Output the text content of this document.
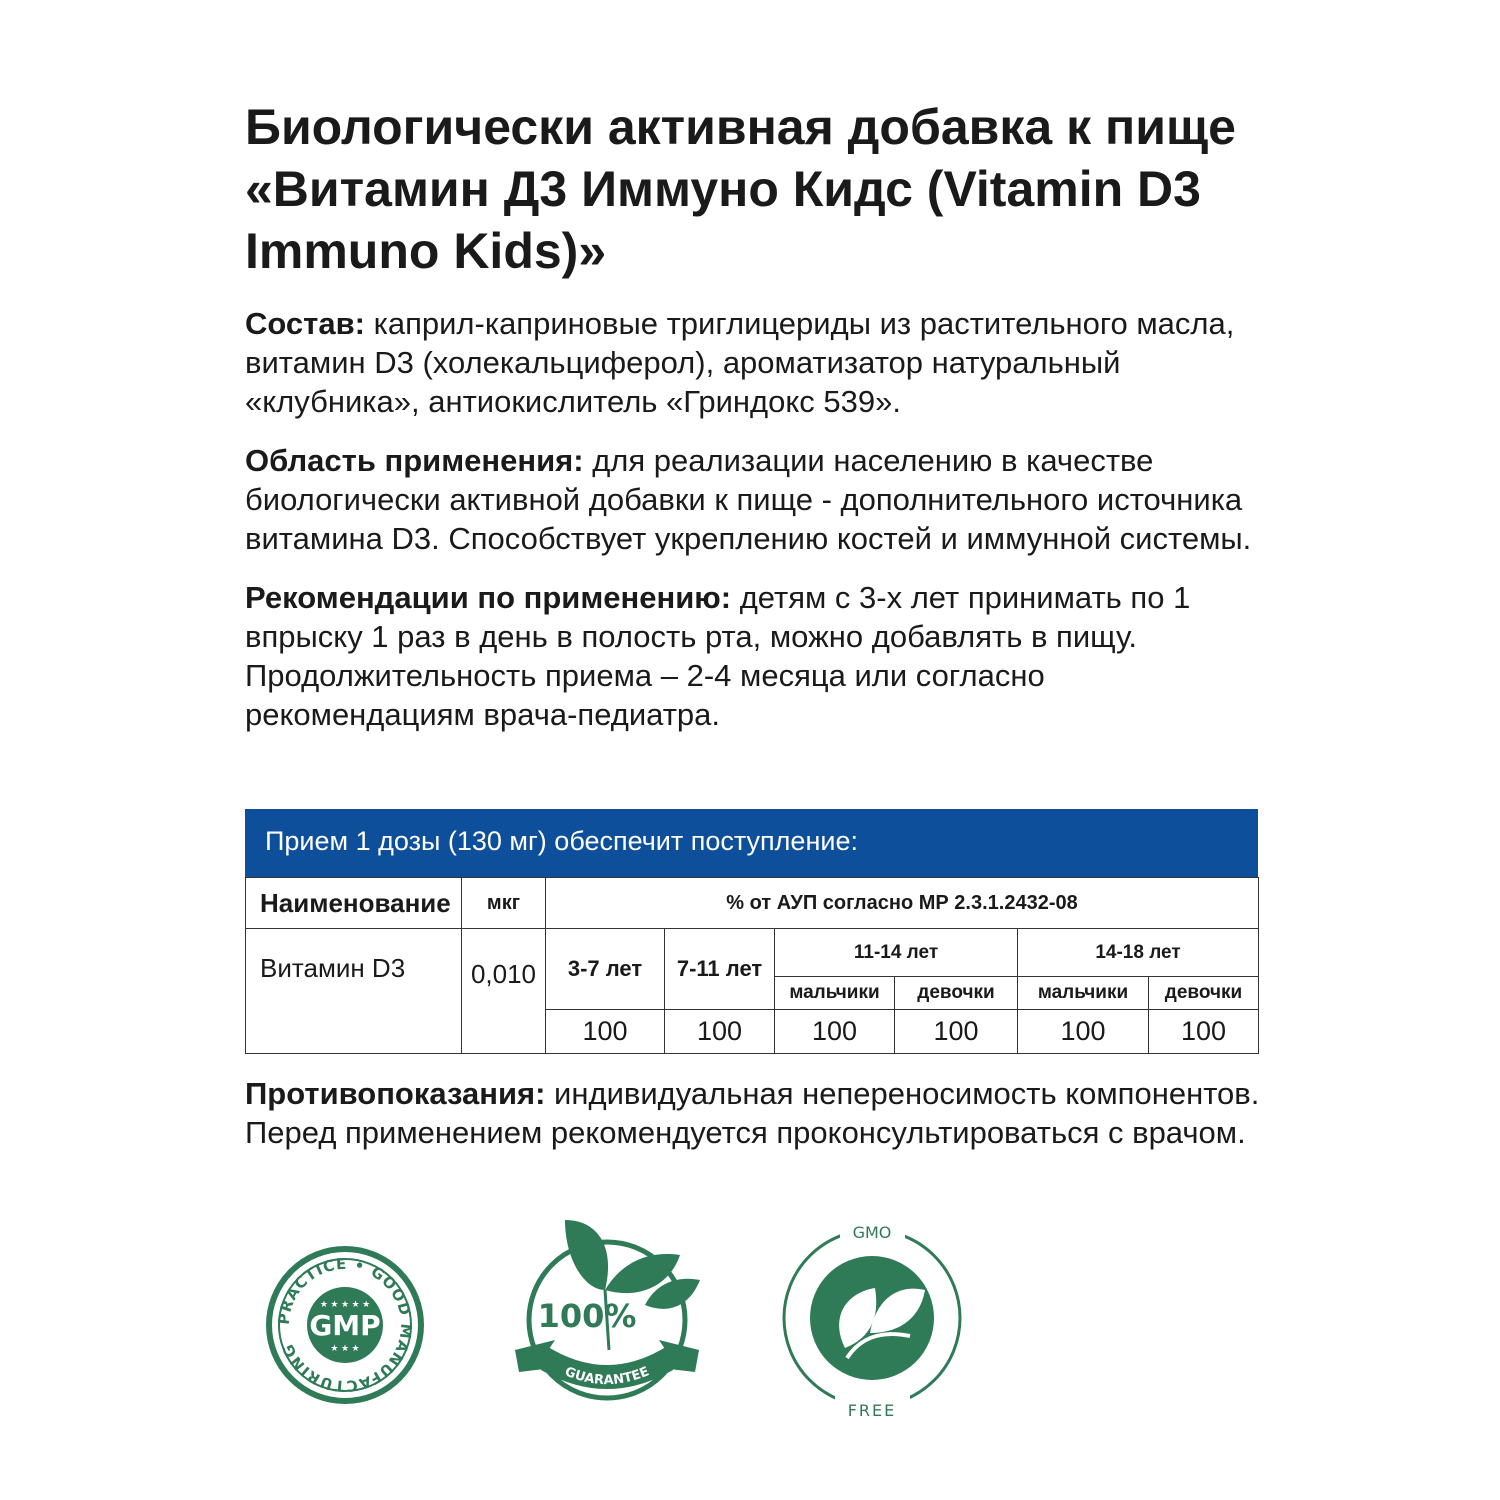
Биологически активная добавка к пище «Витамин Д3 Иммуно Кидс (Vitamin D3 Immuno Kids)»

Состав: каприл-каприновые триглицериды из растительного масла, витамин D3 (холекальциферол), ароматизатор натуральный «клубника», антиокислитель «Гриндокс 539».

Область применения: для реализации населению в качестве биологически активной добавки к пище - дополнительного источника витамина D3. Способствует укреплению костей и иммунной системы.

Рекомендации по применению: детям с 3-х лет принимать по 1 впрыску 1 раз в день в полость рта, можно добавлять в пищу. Продолжительность приема – 2-4 месяца или согласно рекомендациям врача-педиатра.

Прием 1 дозы (130 мг) обеспечит поступление:
Наименование	мкг	% от АУП согласно МР 2.3.1.2432-08					
Витамин D3	0,010	3-7 лет	7-11 лет	11-14 лет		14-18 лет	
				мальчики	девочки	мальчики	девочки
		100	100	100	100	100	100

Противопоказания: индивидуальная непереносимость компонентов. Перед применением рекомендуется проконсультироваться с врачом.

PRACTICE • GOOD MANUFACTURING
GMP
★ ★ ★ ★ ★
★ ★ ★
100%
GUARANTEE
GMO
FREE
